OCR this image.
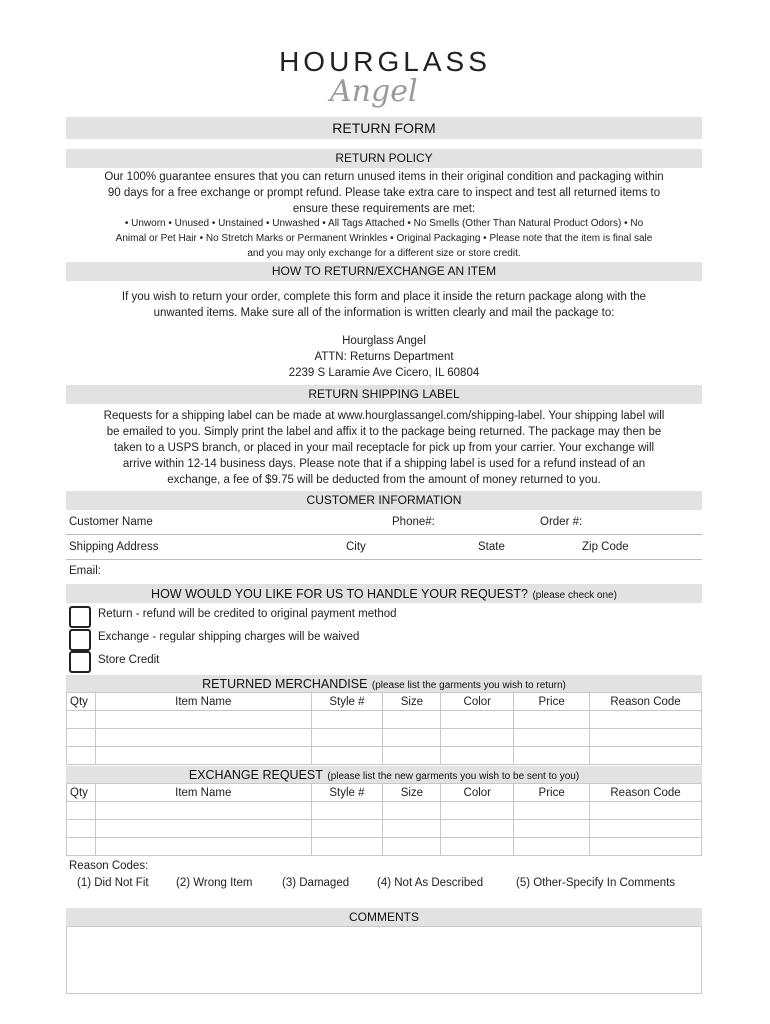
HOURGLASS
Angel
RETURN FORM
RETURN POLICY
Our 100% guarantee ensures that you can return unused items in their original condition and packaging within
90 days for a free exchange or prompt refund. Please take extra care to inspect and test all returned items to
ensure these requirements are met:
• Unworn • Unused • Unstained • Unwashed • All Tags Attached • No Smells (Other Than Natural Product Odors) • No
Animal or Pet Hair • No Stretch Marks or Permanent Wrinkles • Original Packaging • Please note that the item is final sale
and you may only exchange for a different size or store credit.
HOW TO RETURN/EXCHANGE AN ITEM
If you wish to return your order, complete this form and place it inside the return package along with the
unwanted items. Make sure all of the information is written clearly and mail the package to:
Hourglass Angel
ATTN: Returns Department
2239 S Laramie Ave Cicero, IL 60804
RETURN SHIPPING LABEL
Requests for a shipping label can be made at www.hourglassangel.com/shipping-label. Your shipping label will
be emailed to you. Simply print the label and affix it to the package being returned. The package may then be
taken to a USPS branch, or placed in your mail receptacle for pick up from your carrier. Your exchange will
arrive within 12-14 business days. Please note that if a shipping label is used for a refund instead of an
exchange, a fee of $9.75 will be deducted from the amount of money returned to you.
CUSTOMER INFORMATION
Customer Name	Phone#:	Order #:
Shipping Address	City	State	Zip Code
Email:
HOW WOULD YOU LIKE FOR US TO HANDLE YOUR REQUEST? (please check one)
Return - refund will be credited to original payment method
Exchange - regular shipping charges will be waived
Store Credit
RETURNED MERCHANDISE (please list the garments you wish to return)
Qty	Item Name	Style #	Size	Color	Price	Reason Code

EXCHANGE REQUEST (please list the new garments you wish to be sent to you)
Qty	Item Name	Style #	Size	Color	Price	Reason Code

Reason Codes:
(1) Did Not Fit (2) Wrong Item	(3) Damaged (4) Not As Described	(5) Other-Specify In Comments
COMMENTS
